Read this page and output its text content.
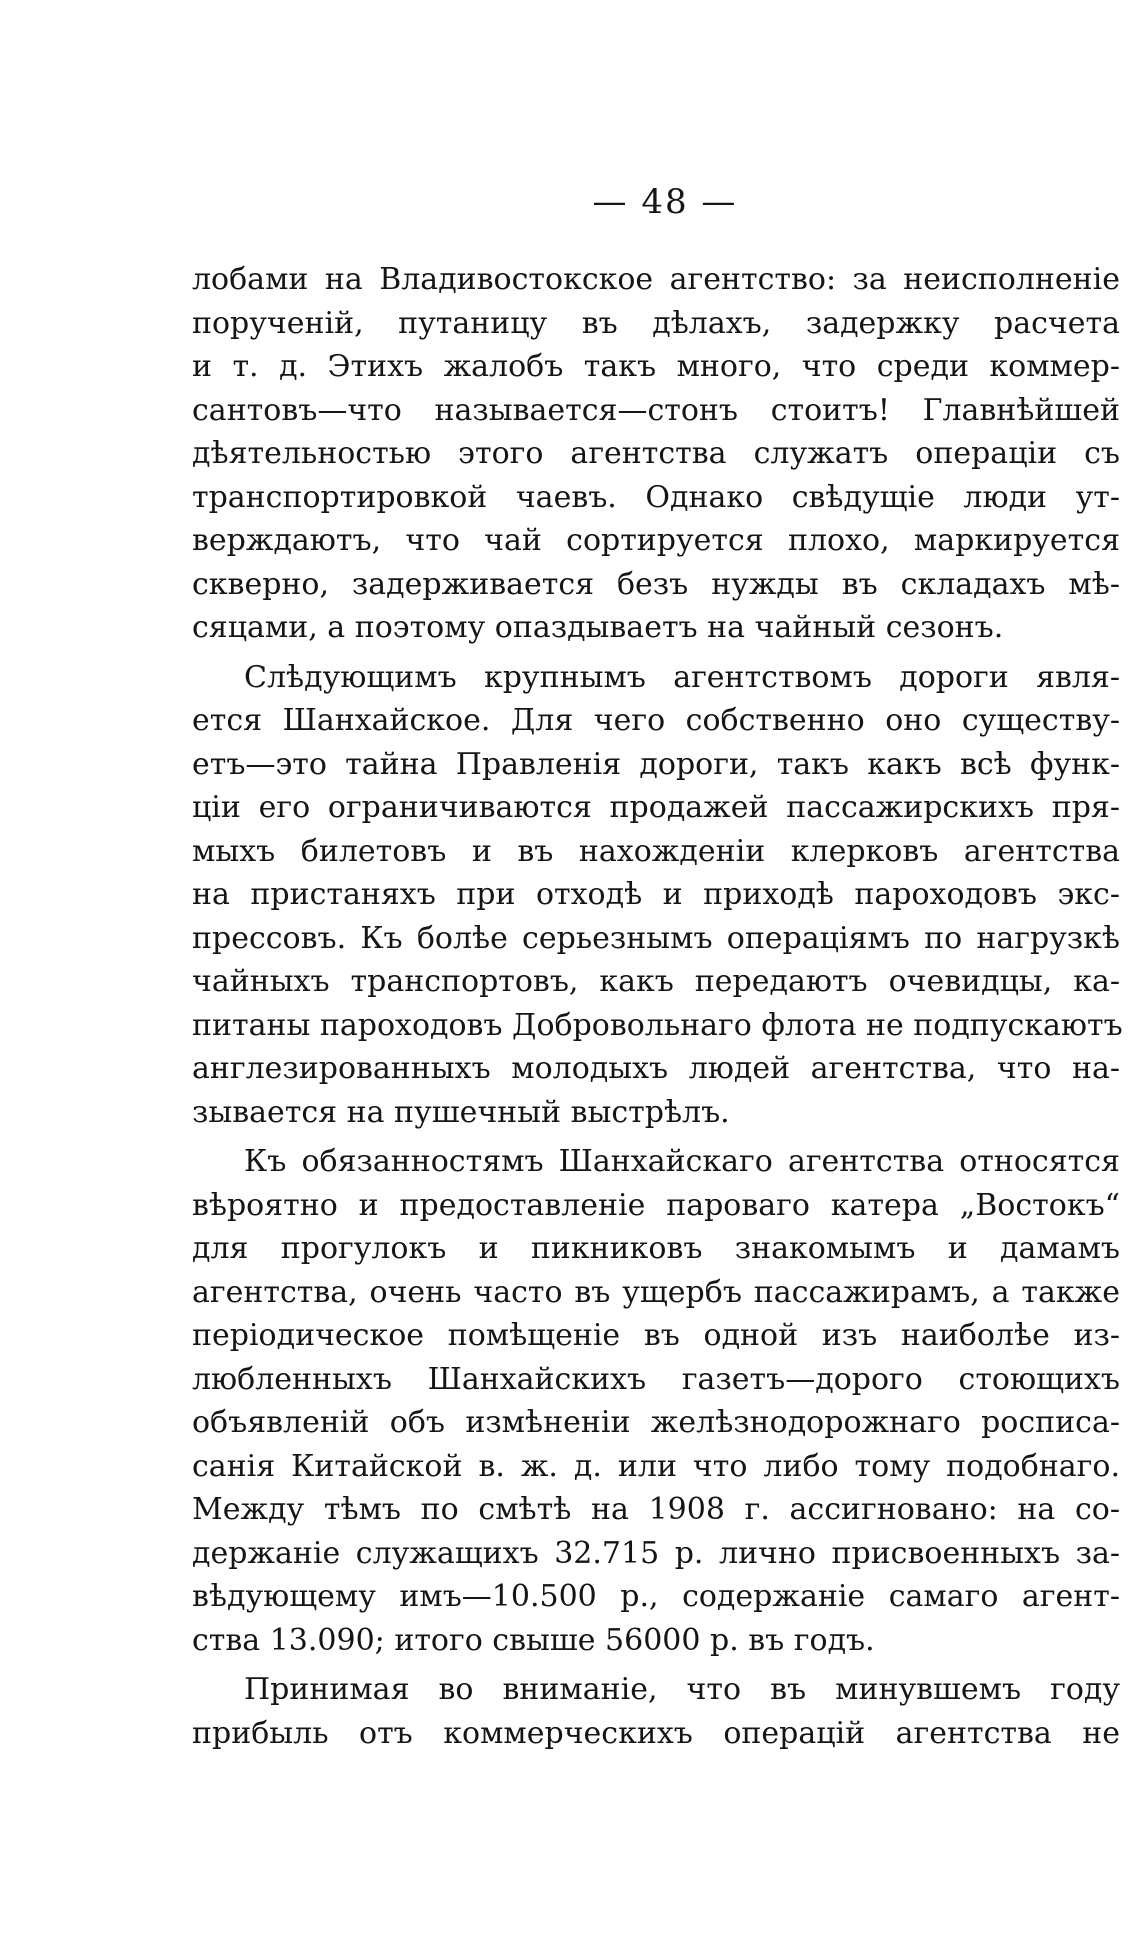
— 48 —
лобами на Владивостокское агентство: за неисполненіе
порученій, путаницу въ дѣлахъ, задержку расчета
и т. д. Этихъ жалобъ такъ много, что среди коммер-
сантовъ—что называется—стонъ стоитъ! Главнѣйшей
дѣятельностью этого агентства служатъ операціи съ
транспортировкой чаевъ. Однако свѣдущіе люди ут-
верждаютъ, что чай сортируется плохо, маркируется
скверно, задерживается безъ нужды въ складахъ мѣ-
сяцами, а поэтому опаздываетъ на чайный сезонъ.
Слѣдующимъ крупнымъ агентствомъ дороги явля-
ется Шанхайское. Для чего собственно оно существу-
етъ—это тайна Правленія дороги, такъ какъ всѣ функ-
ціи его ограничиваются продажей пассажирскихъ пря-
мыхъ билетовъ и въ нахожденіи клерковъ агентства
на пристаняхъ при отходѣ и приходѣ пароходовъ экс-
прессовъ. Къ болѣе серьезнымъ операціямъ по нагрузкѣ
чайныхъ транспортовъ, какъ передаютъ очевидцы, ка-
питаны пароходовъ Добровольнаго флота не подпускаютъ
англезированныхъ молодыхъ людей агентства, что на-
зывается на пушечный выстрѣлъ.
Къ обязанностямъ Шанхайскаго агентства относятся
вѣроятно и предоставленіе пароваго катера „Востокъ“
для прогулокъ и пикниковъ знакомымъ и дамамъ
агентства, очень часто въ ущербъ пассажирамъ, а также
періодическое помѣщеніе въ одной изъ наиболѣе из-
любленныхъ Шанхайскихъ газетъ—дорого стоющихъ
объявленій объ измѣненіи желѣзнодорожнаго росписа-
санія Китайской в. ж. д. или что либо тому подобнаго.
Между тѣмъ по смѣтѣ на 1908 г. ассигновано: на со-
держаніе служащихъ 32.715 р. лично присвоенныхъ за-
вѣдующему имъ—10.500 р., содержаніе самаго агент-
ства 13.090; итого свыше 56000 р. въ годъ.
Принимая во вниманіе, что въ минувшемъ году
прибыль отъ коммерческихъ операцій агентства не
